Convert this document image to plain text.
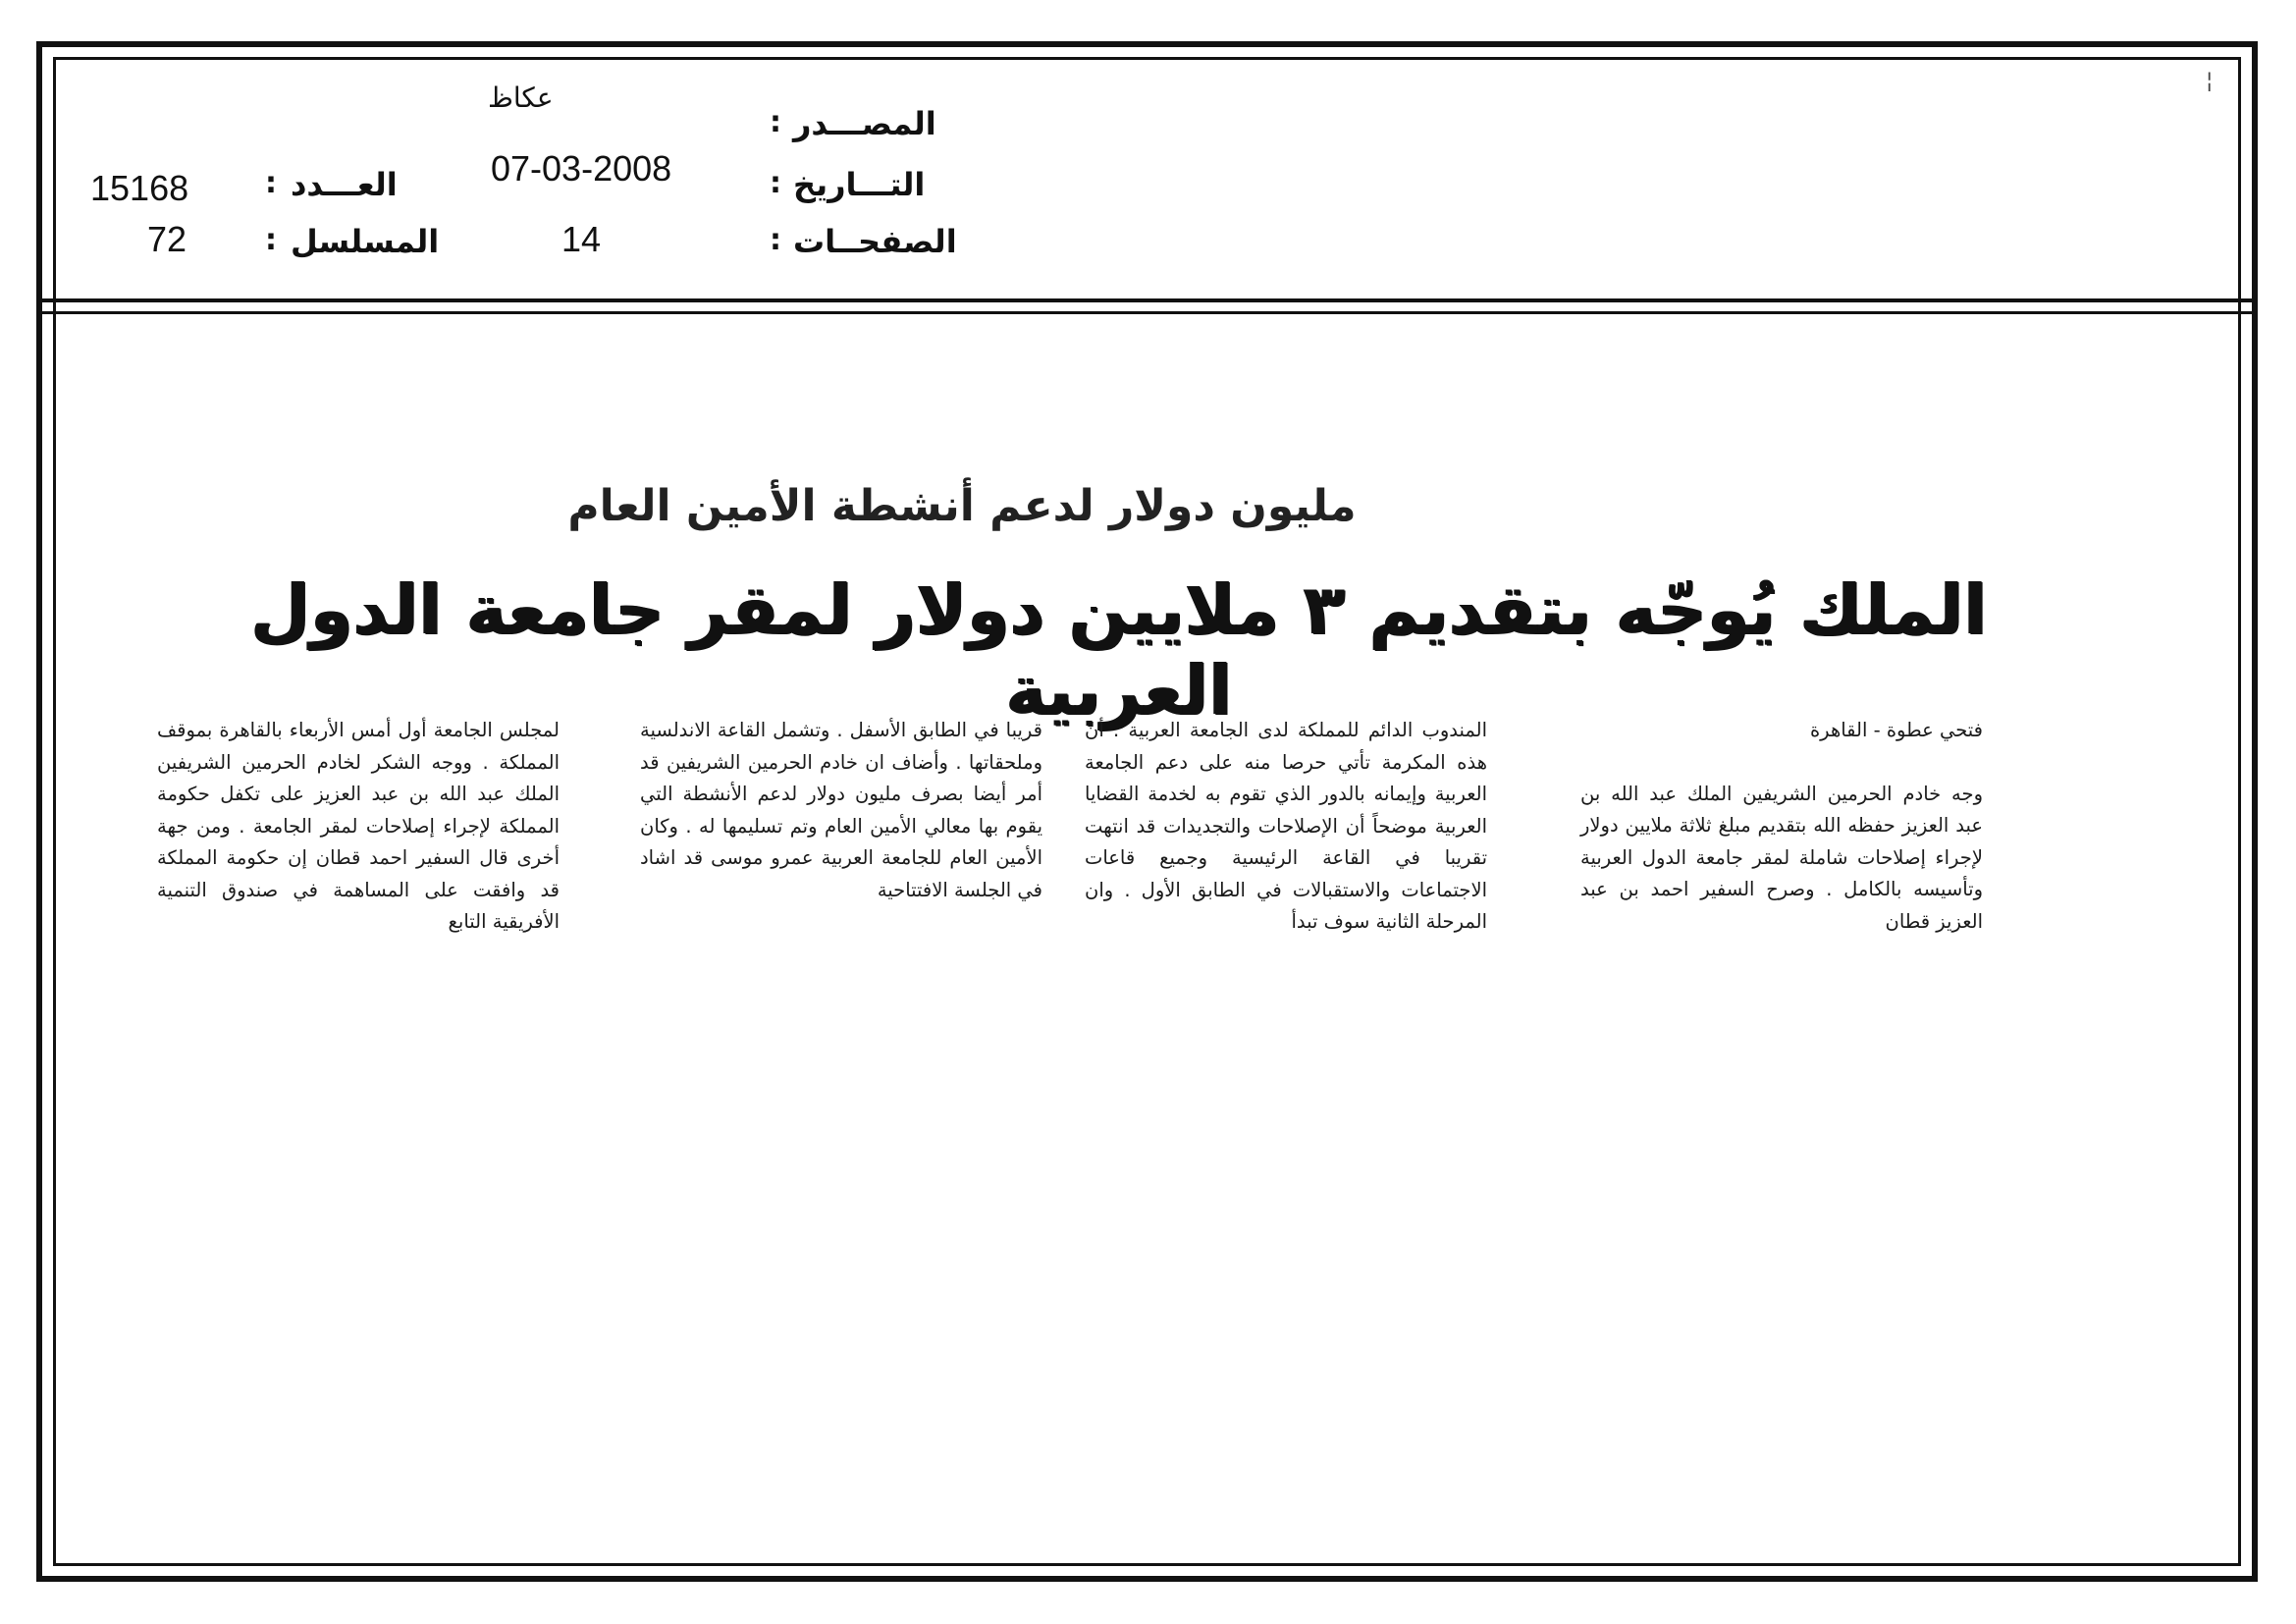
¦
المصـــدر
:
عكاظ
التـــاريخ
:
07-03-2008
الصفحــات
:
14
العـــدد
:
15168
المسلسل
:
72
مليون دولار لدعم أنشطة الأمين العام
الملك يُوجّه بتقديم ٣ ملايين دولار لمقر جامعة الدول العربية	فتحي عطوة - القاهرة

وجه خادم الحرمين الشريفين الملك عبد الله بن عبد العزيز حفظه الله بتقديم مبلغ ثلاثة ملايين دولار لإجراء إصلاحات شاملة لمقر جامعة الدول العربية وتأسيسه بالكامل . وصرح السفير احمد بن عبد العزيز قطان

المندوب الدائم للمملكة لدى الجامعة العربية . أن هذه المكرمة تأتي حرصا منه على دعم الجامعة العربية وإيمانه بالدور الذي تقوم به لخدمة القضايا العربية موضحاً أن الإصلاحات والتجديدات قد انتهت تقريبا في القاعة الرئيسية وجميع قاعات الاجتماعات والاستقبالات في الطابق الأول . وان المرحلة الثانية سوف تبدأ

قريبا في الطابق الأسفل . وتشمل القاعة الاندلسية وملحقاتها . وأضاف ان خادم الحرمين الشريفين قد أمر أيضا بصرف مليون دولار لدعم الأنشطة التي يقوم بها معالي الأمين العام وتم تسليمها له . وكان الأمين العام للجامعة العربية عمرو موسى قد اشاد في الجلسة الافتتاحية

لمجلس الجامعة أول أمس الأربعاء بالقاهرة بموقف المملكة . ووجه الشكر لخادم الحرمين الشريفين الملك عبد الله بن عبد العزيز على تكفل حكومة المملكة لإجراء إصلاحات لمقر الجامعة . ومن جهة أخرى قال السفير احمد قطان إن حكومة المملكة قد وافقت على المساهمة في صندوق التنمية الأفريقية التابع
